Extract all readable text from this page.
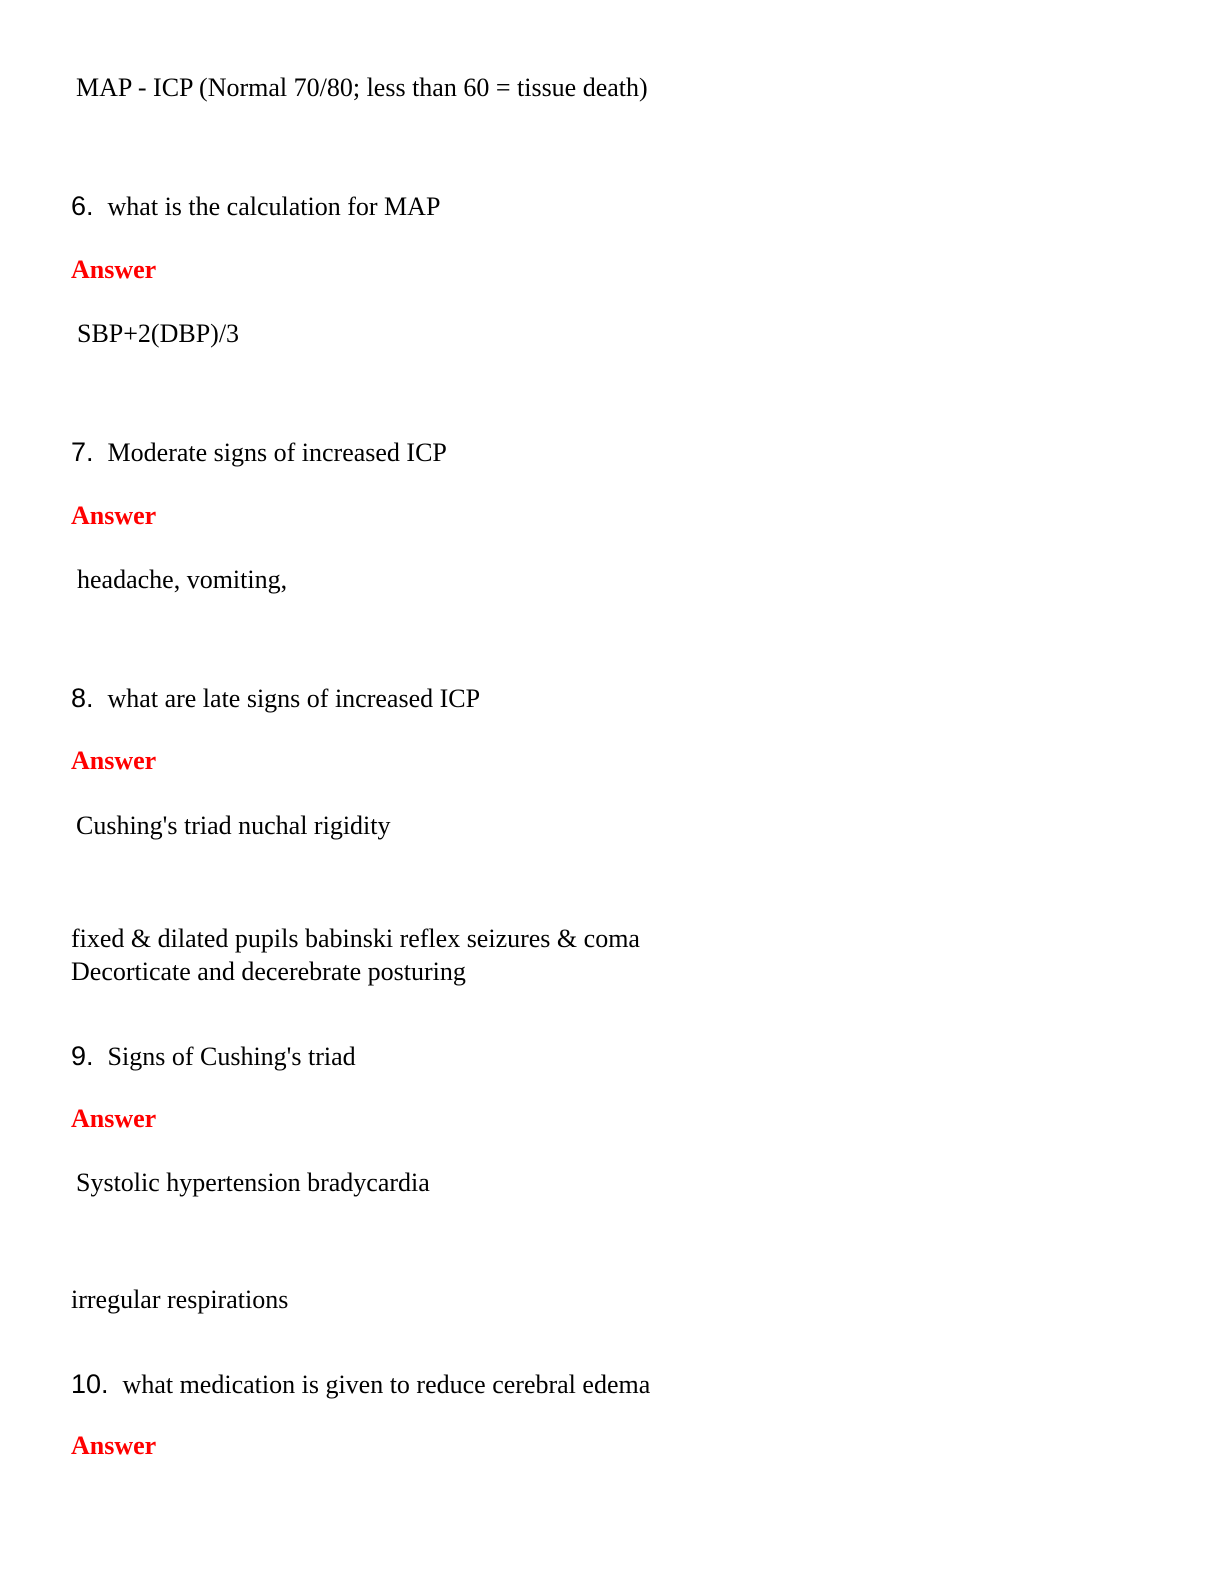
MAP - ICP (Normal 70/80; less than 60 = tissue death)
6. what is the calculation for MAP
Answer
SBP+2(DBP)/3
7. Moderate signs of increased ICP
Answer
headache, vomiting,
8. what are late signs of increased ICP
Answer
Cushing's triad nuchal rigidity
fixed & dilated pupils babinski reflex seizures & coma
Decorticate and decerebrate posturing
9. Signs of Cushing's triad
Answer
Systolic hypertension bradycardia
irregular respirations
10. what medication is given to reduce cerebral edema
Answer
